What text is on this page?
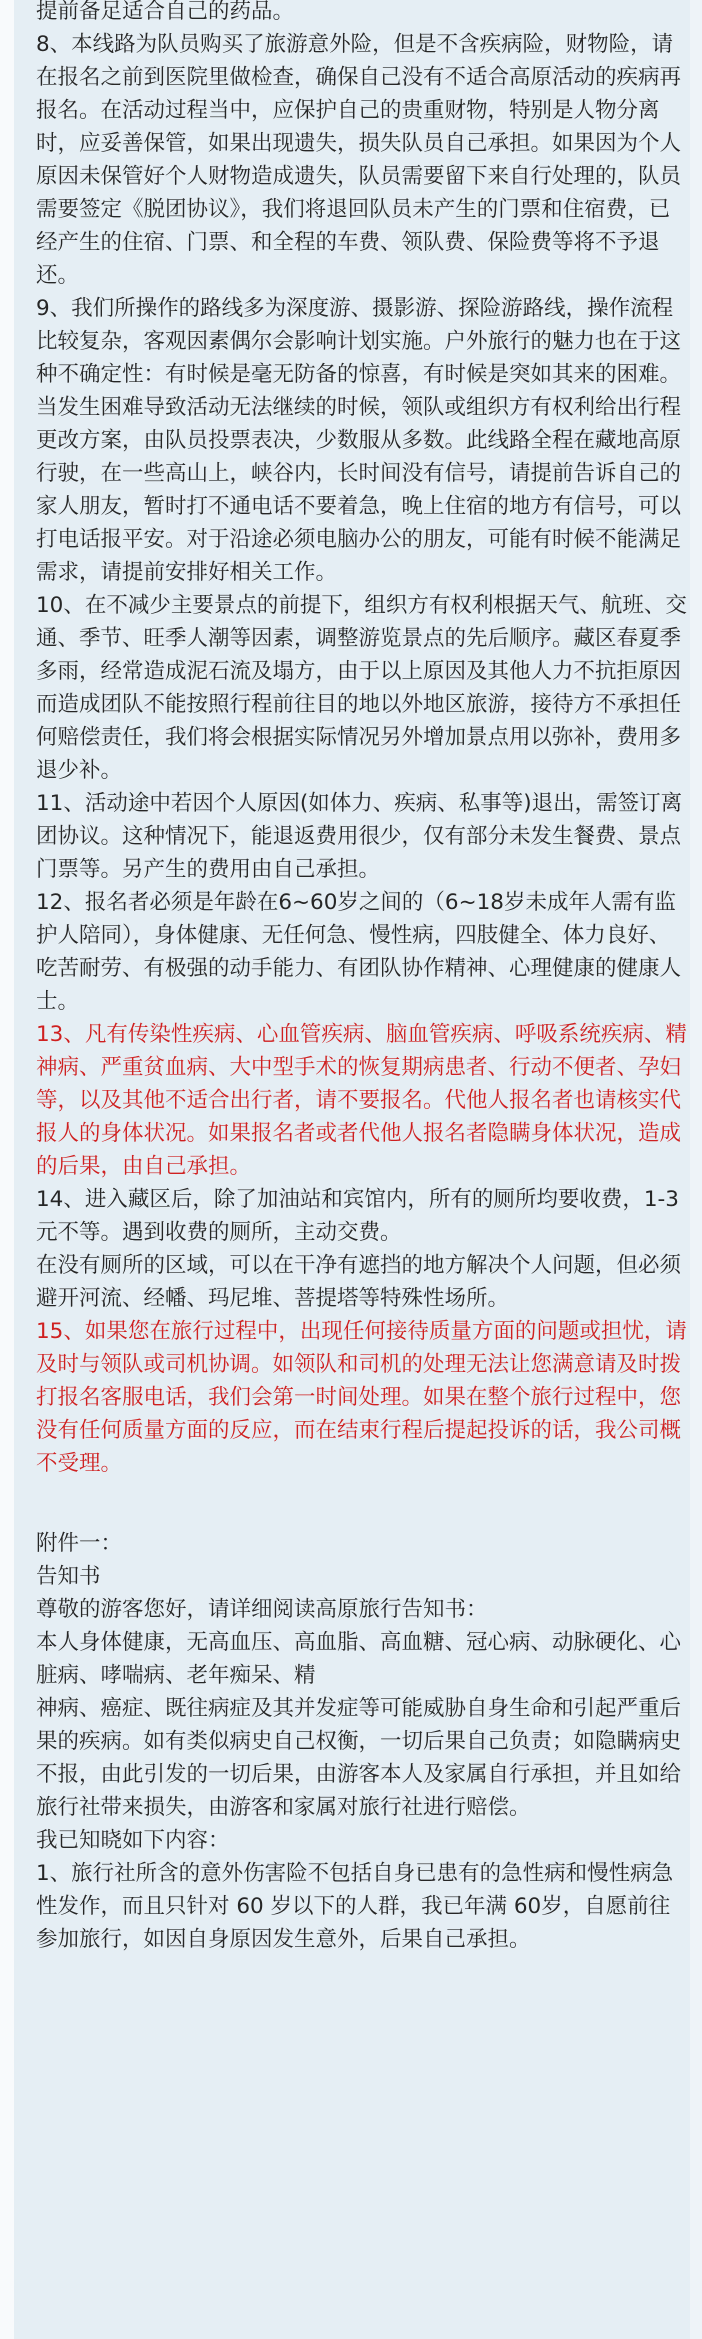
提前备足适合自己的药品。

8、本线路为队员购买了旅游意外险，但是不含疾病险，财物险，请在报名之前到医院里做检查，确保自己没有不适合高原活动的疾病再报名。在活动过程当中，应保护自己的贵重财物，特别是人物分离时，应妥善保管，如果出现遗失，损失队员自己承担。如果因为个人原因未保管好个人财物造成遗失，队员需要留下来自行处理的，队员需要签定《脱团协议》，我们将退回队员未产生的门票和住宿费，已经产生的住宿、门票、和全程的车费、领队费、保险费等将不予退还。

9、我们所操作的路线多为深度游、摄影游、探险游路线，操作流程比较复杂，客观因素偶尔会影响计划实施。户外旅行的魅力也在于这种不确定性：有时候是毫无防备的惊喜，有时候是突如其来的困难。当发生困难导致活动无法继续的时候，领队或组织方有权利给出行程更改方案，由队员投票表决，少数服从多数。此线路全程在藏地高原行驶，在一些高山上，峡谷内，长时间没有信号，请提前告诉自己的家人朋友，暂时打不通电话不要着急，晚上住宿的地方有信号，可以打电话报平安。对于沿途必须电脑办公的朋友，可能有时候不能满足需求，请提前安排好相关工作。

10、在不减少主要景点的前提下，组织方有权利根据天气、航班、交通、季节、旺季人潮等因素，调整游览景点的先后顺序。藏区春夏季多雨，经常造成泥石流及塌方，由于以上原因及其他人力不抗拒原因而造成团队不能按照行程前往目的地以外地区旅游，接待方不承担任何赔偿责任，我们将会根据实际情况另外增加景点用以弥补，费用多退少补。

11、活动途中若因个人原因(如体力、疾病、私事等)退出，需签订离团协议。这种情况下，能退返费用很少，仅有部分未发生餐费、景点门票等。另产生的费用由自己承担。

12、报名者必须是年龄在6~60岁之间的（6~18岁未成年人需有监护人陪同），身体健康、无任何急、慢性病，四肢健全、体力良好、吃苦耐劳、有极强的动手能力、有团队协作精神、心理健康的健康人士。

13、凡有传染性疾病、心血管疾病、脑血管疾病、呼吸系统疾病、精神病、严重贫血病、大中型手术的恢复期病患者、行动不便者、孕妇等，以及其他不适合出行者，请不要报名。代他人报名者也请核实代报人的身体状况。如果报名者或者代他人报名者隐瞒身体状况，造成的后果，由自己承担。

14、进入藏区后，除了加油站和宾馆内，所有的厕所均要收费，1-3元不等。遇到收费的厕所，主动交费。

在没有厕所的区域，可以在干净有遮挡的地方解决个人问题，但必须避开河流、经幡、玛尼堆、菩提塔等特殊性场所。

15、如果您在旅行过程中，出现任何接待质量方面的问题或担忧，请及时与领队或司机协调。如领队和司机的处理无法让您满意请及时拨打报名客服电话，我们会第一时间处理。如果在整个旅行过程中，您没有任何质量方面的反应，而在结束行程后提起投诉的话，我公司概不受理。

附件一：

告知书

尊敬的游客您好，请详细阅读高原旅行告知书：

本人身体健康，无高血压、高血脂、高血糖、冠心病、动脉硬化、心脏病、哮喘病、老年痴呆、精

神病、癌症、既往病症及其并发症等可能威胁自身生命和引起严重后果的疾病。如有类似病史自己权衡，一切后果自己负责；如隐瞒病史不报，由此引发的一切后果，由游客本人及家属自行承担，并且如给旅行社带来损失，由游客和家属对旅行社进行赔偿。

我已知晓如下内容：

1、旅行社所含的意外伤害险不包括自身已患有的急性病和慢性病急性发作，而且只针对 60 岁以下的人群，我已年满 60岁，自愿前往参加旅行，如因自身原因发生意外，后果自己承担。
